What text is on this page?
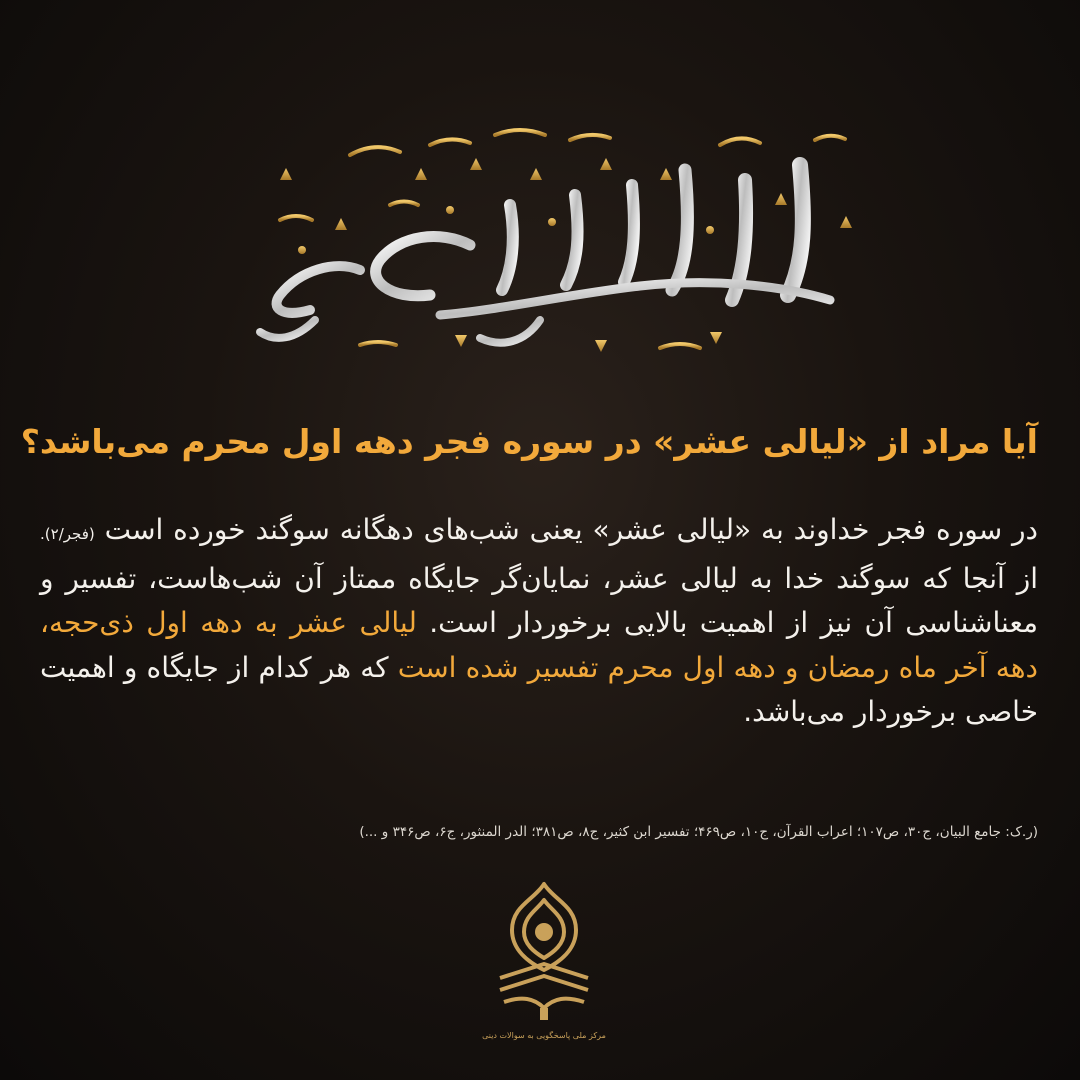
آیا مراد از «لیالی عشر» در سوره فجر دهه اول محرم می‌باشد؟
در سوره فجر خداوند به «لیالی عشر» یعنی شب‌های دهگانه سوگند خورده است (فجر/۲). از آنجا که سوگند خدا به لیالی عشر، نمایان‌گر جایگاه ممتاز آن شب‌هاست، تفسیر و معناشناسی آن نیز از اهمیت بالایی برخوردار است. لیالی عشر به دهه اول ذی‌حجه، دهه آخر ماه رمضان و دهه اول محرم تفسیر شده است که هر کدام از جایگاه و اهمیت خاصی برخوردار می‌باشد.
(ر.ک: جامع البیان، ج۳۰، ص۱۰۷؛ اعراب القرآن، ج۱۰، ص۴۶۹؛ تفسیر ابن کثیر، ج۸، ص۳۸۱؛ الدر المنثور، ج۶، ص۳۴۶ و ...)
مرکز ملی پاسخگویی به سوالات دینی
